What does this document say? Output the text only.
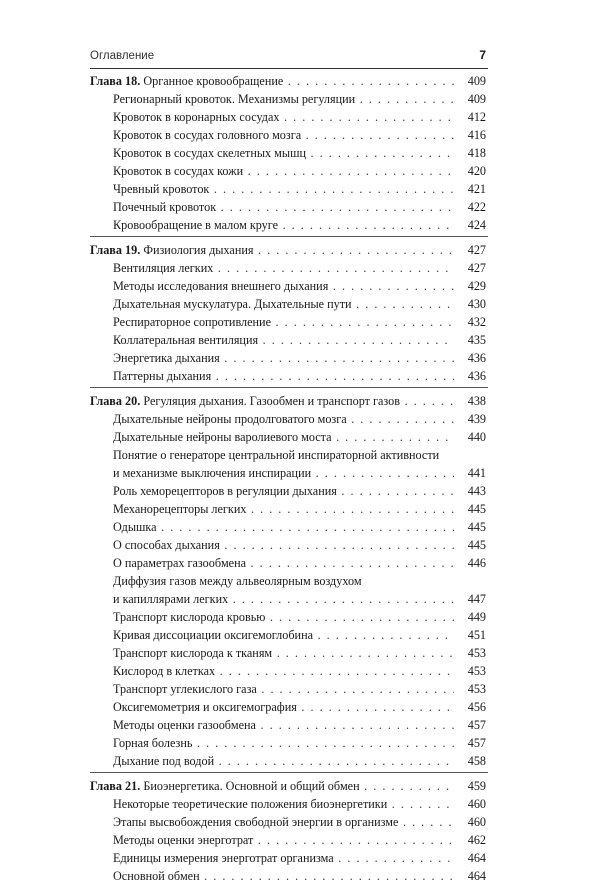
Оглавление	7
Глава 18. Органное кровообращение . . .	409
Регионарный кровоток. Механизмы регуляции . . .	409
Кровоток в коронарных сосудах . . .	412
Кровоток в сосудах головного мозга . . .	416
Кровоток в сосудах скелетных мышц . . .	418
Кровоток в сосудах кожи . . .	420
Чревный кровоток . . .	421
Почечный кровоток . . .	422
Кровообращение в малом круге . . .	424
Глава 19. Физиология дыхания . . .	427
Вентиляция легких . . .	427
Методы исследования внешнего дыхания . . .	429
Дыхательная мускулатура. Дыхательные пути . . .	430
Респираторное сопротивление . . .	432
Коллатеральная вентиляция . . .	435
Энергетика дыхания . . .	436
Паттерны дыхания . . .	436
Глава 20. Регуляция дыхания. Газообмен и транспорт газов . . .	438
Дыхательные нейроны продолговатого мозга . . .	439
Дыхательные нейроны варолиевого моста . . .	440
Понятие о генераторе центральной инспираторной активности
и механизме выключения инспирации . . .	441
Роль хеморецепторов в регуляции дыхания . . .	443
Механорецепторы легких . . .	445
Одышка . . .	445
О способах дыхания . . .	445
О параметрах газообмена . . .	446
Диффузия газов между альвеолярным воздухом
и капиллярами легких . . .	447
Транспорт кислорода кровью . . .	449
Кривая диссоциации оксигемоглобина . . .	451
Транспорт кислорода к тканям . . .	453
Кислород в клетках . . .	453
Транспорт углекислого газа . . .	453
Оксигемометрия и оксигемография . . .	456
Методы оценки газообмена . . .	457
Горная болезнь . . .	457
Дыхание под водой . . .	458
Глава 21. Биоэнергетика. Основной и общий обмен . . .	459
Некоторые теоретические положения биоэнергетики . . .	460
Этапы высвобождения свободной энергии в организме . . .	460
Методы оценки энерготрат . . .	462
Единицы измерения энерготрат организма . . .	464
Основной обмен . . .	464
